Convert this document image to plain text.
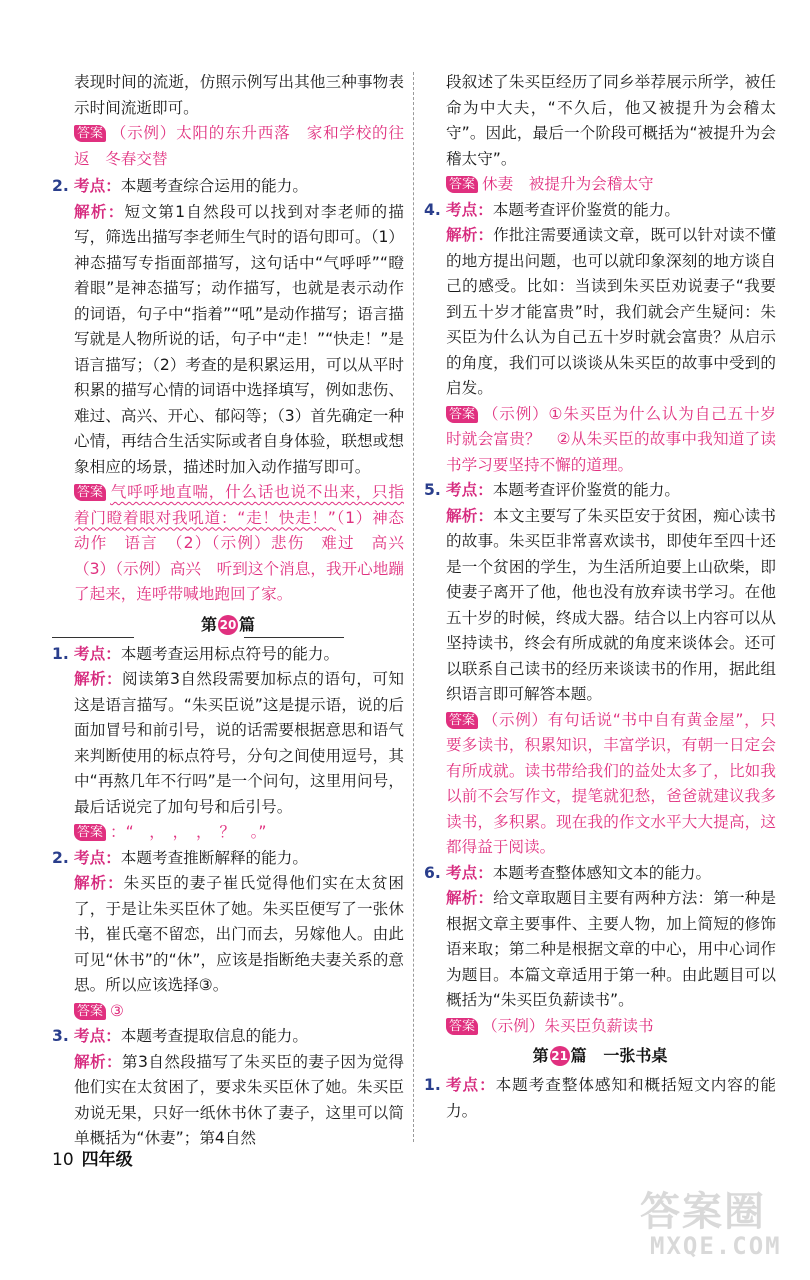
表现时间的流逝，仿照示例写出其他三种事物表示时间流逝即可。

答案 （示例）太阳的东升西落　家和学校的往返　冬春交替

2. 考点：本题考查综合运用的能力。

解析：短文第1自然段可以找到对李老师的描写，筛选出描写李老师生气时的语句即可。（1）神态描写专指面部描写，这句话中“气呼呼”“瞪着眼”是神态描写；动作描写，也就是表示动作的词语，句子中“指着”“吼”是动作描写；语言描写就是人物所说的话，句子中“走！”“快走！”是语言描写；（2）考查的是积累运用，可以从平时积累的描写心情的词语中选择填写，例如悲伤、难过、高兴、开心、郁闷等；（3）首先确定一种心情，再结合生活实际或者自身体验，联想或想象相应的场景，描述时加入动作描写即可。

答案 气呼呼地直喘，什么话也说不出来，只指着门瞪着眼对我吼道：“走！快走！”（1）神态　动作　语言　（2）（示例）悲伤　难过　高兴　（3）（示例）高兴　听到这个消息，我开心地蹦了起来，连呼带喊地跑回了家。

第 20 篇
1. 考点：本题考查运用标点符号的能力。

解析：阅读第3自然段需要加标点的语句，可知这是语言描写。“朱买臣说”这是提示语，说的后面加冒号和前引号，说的话需要根据意思和语气来判断使用的标点符号，分句之间使用逗号，其中“再熬几年不行吗”是一个问句，这里用问号，最后话说完了加句号和后引号。

答案 ：“　，　，　，　？　。”

2. 考点：本题考查推断解释的能力。

解析：朱买臣的妻子崔氏觉得他们实在太贫困了，于是让朱买臣休了她。朱买臣便写了一张休书，崔氏毫不留恋，出门而去，另嫁他人。由此可见“休书”的“休”，应该是指断绝夫妻关系的意思。所以应该选择③。

答案 ③

3. 考点：本题考查提取信息的能力。

解析：第3自然段描写了朱买臣的妻子因为觉得他们实在太贫困了，要求朱买臣休了她。朱买臣劝说无果，只好一纸休书休了妻子，这里可以简单概括为“休妻”；第4自然

段叙述了朱买臣经历了同乡举荐展示所学，被任命为中大夫，“不久后，他又被提升为会稽太守”。因此，最后一个阶段可概括为“被提升为会稽太守”。

答案 休妻　被提升为会稽太守

4. 考点：本题考查评价鉴赏的能力。

解析：作批注需要通读文章，既可以针对读不懂的地方提出问题，也可以就印象深刻的地方谈自己的感受。比如：当读到朱买臣劝说妻子“我要到五十岁才能富贵”时，我们就会产生疑问：朱买臣为什么认为自己五十岁时就会富贵？从启示的角度，我们可以谈谈从朱买臣的故事中受到的启发。

答案 （示例）①朱买臣为什么认为自己五十岁时就会富贵？　②从朱买臣的故事中我知道了读书学习要坚持不懈的道理。

5. 考点：本题考查评价鉴赏的能力。

解析：本文主要写了朱买臣安于贫困，痴心读书的故事。朱买臣非常喜欢读书，即使年至四十还是一个贫困的学生，为生活所迫要上山砍柴，即使妻子离开了他，他也没有放弃读书学习。在他五十岁的时候，终成大器。结合以上内容可以从坚持读书，终会有所成就的角度来谈体会。还可以联系自己读书的经历来谈读书的作用，据此组织语言即可解答本题。

答案 （示例）有句话说“书中自有黄金屋”，只要多读书，积累知识，丰富学识，有朝一日定会有所成就。读书带给我们的益处太多了，比如我以前不会写作文，提笔就犯愁，爸爸就建议我多读书，多积累。现在我的作文水平大大提高，这都得益于阅读。

6. 考点：本题考查整体感知文本的能力。

解析：给文章取题目主要有两种方法：第一种是根据文章主要事件、主要人物，加上简短的修饰语来取；第二种是根据文章的中心，用中心词作为题目。本篇文章适用于第一种。由此题目可以概括为“朱买臣负薪读书”。

答案 （示例）朱买臣负薪读书

第 21 篇 一张书桌
1. 考点：本题考查整体感知和概括短文内容的能力。

10 四年级
答案圈
MXQE.COM
